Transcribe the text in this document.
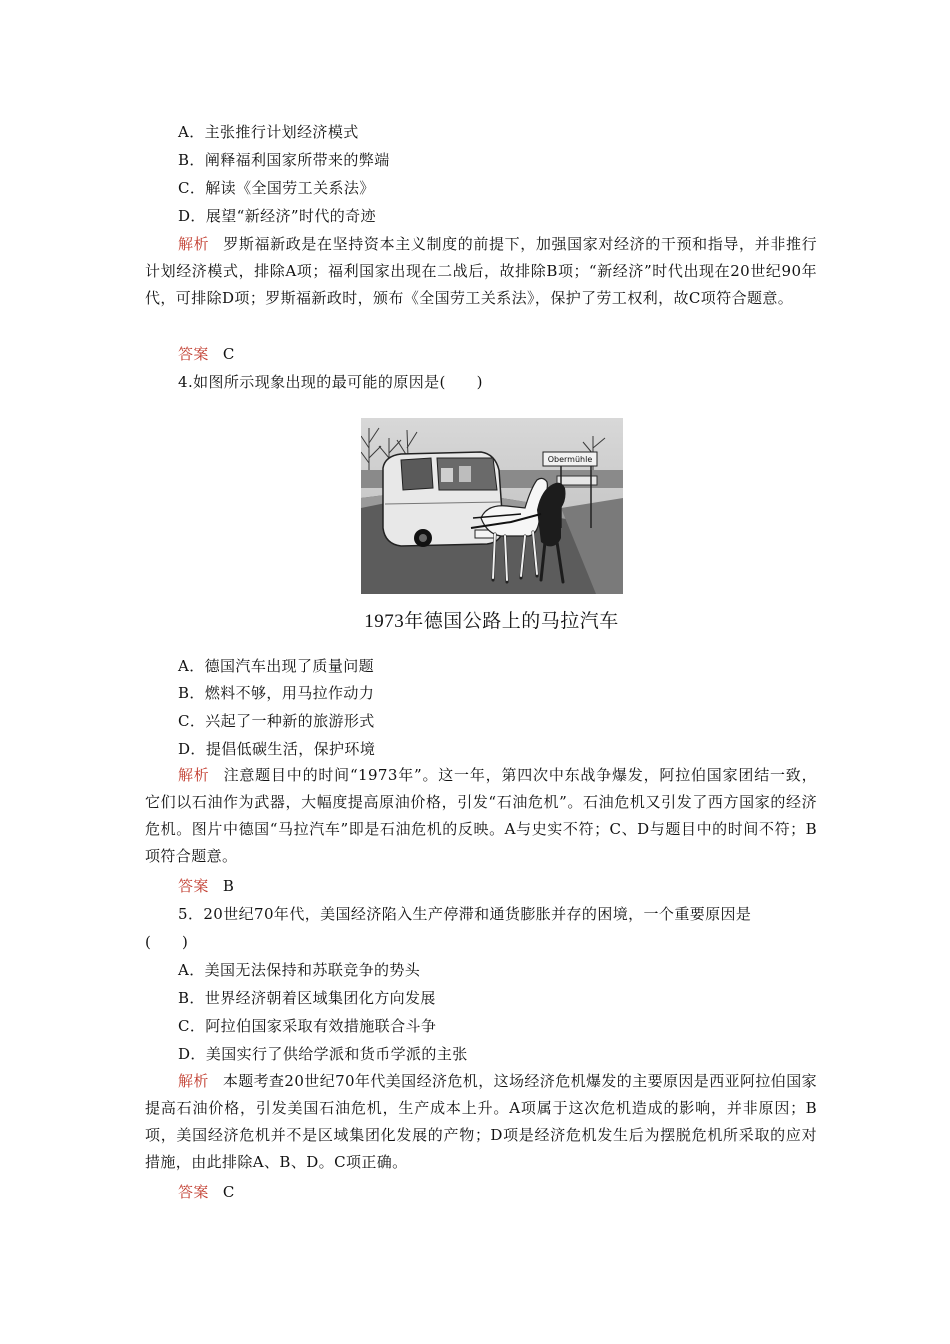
A．主张推行计划经济模式
B．阐释福利国家所带来的弊端
C．解读《全国劳工关系法》
D．展望“新经济”时代的奇迹
解析 罗斯福新政是在坚持资本主义制度的前提下，加强国家对经济的干预和指导，并非推行计划经济模式，排除A项；福利国家出现在二战后，故排除B项；“新经济”时代出现在20世纪90年代，可排除D项；罗斯福新政时，颁布《全国劳工关系法》，保护了劳工权利，故C项符合题意。
答案 C
4.如图所示现象出现的最可能的原因是(　　)
Obermühle
1973年德国公路上的马拉汽车
A．德国汽车出现了质量问题
B．燃料不够，用马拉作动力
C．兴起了一种新的旅游形式
D．提倡低碳生活，保护环境
解析 注意题目中的时间“1973年”。这一年，第四次中东战争爆发，阿拉伯国家团结一致，它们以石油作为武器，大幅度提高原油价格，引发“石油危机”。石油危机又引发了西方国家的经济危机。图片中德国“马拉汽车”即是石油危机的反映。A与史实不符；C、D与题目中的时间不符；B项符合题意。
答案 B
5．20世纪70年代，美国经济陷入生产停滞和通货膨胀并存的困境，一个重要原因是
(　　)
A．美国无法保持和苏联竞争的势头
B．世界经济朝着区域集团化方向发展
C．阿拉伯国家采取有效措施联合斗争
D．美国实行了供给学派和货币学派的主张
解析 本题考查20世纪70年代美国经济危机，这场经济危机爆发的主要原因是西亚阿拉伯国家提高石油价格，引发美国石油危机，生产成本上升。A项属于这次危机造成的影响，并非原因；B项，美国经济危机并不是区域集团化发展的产物；D项是经济危机发生后为摆脱危机所采取的应对措施，由此排除A、B、D。C项正确。
答案 C
